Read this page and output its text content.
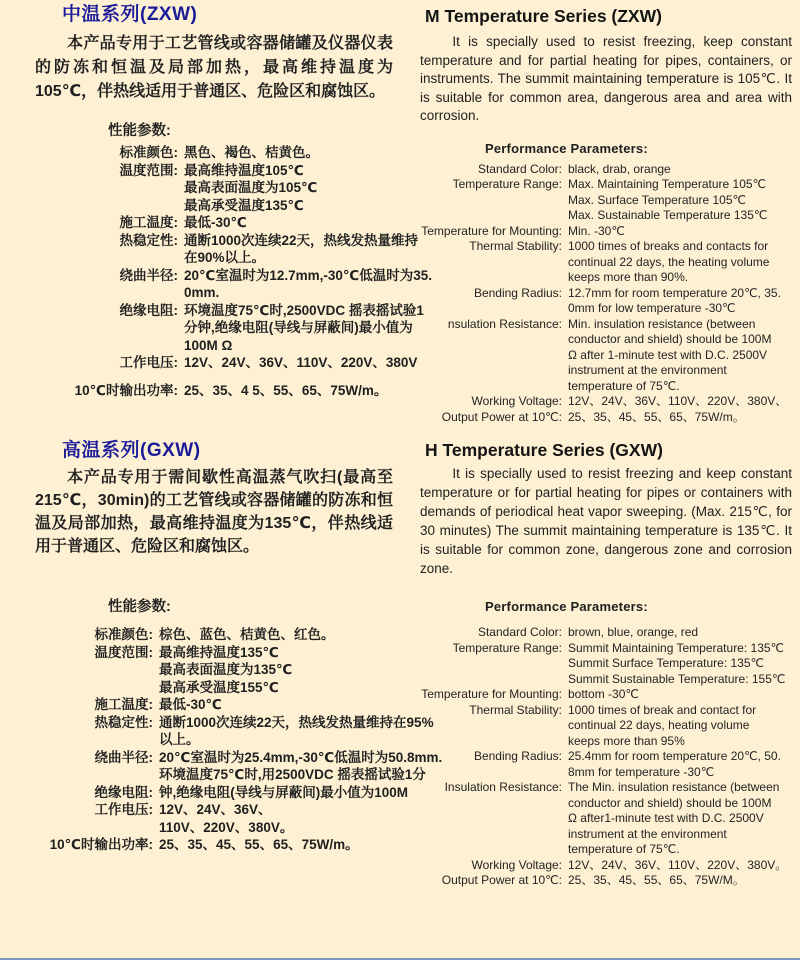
中温系列(ZXW)

本产品专用于工艺管线或容器储罐及仪器仪表的防冻和恒温及局部加热，最高维持温度为105℃，伴热线适用于普通区、危险区和腐蚀区。

性能参数:
标准颜色: 黑色、褐色、桔黄色。
温度范围: 最高维持温度105℃
最高表面温度为105℃
最高承受温度135℃
施工温度: 最低-30℃
热稳定性: 通断1000次连续22天，热线发热量维持
在90%以上。
绕曲半径: 20℃室温时为12.7mm,-30℃低温时为35.
0mm.
绝缘电阻: 环境温度75℃时,2500VDC 摇表摇试验1
分钟,绝缘电阻(导线与屏蔽间)最小值为
100M Ω
工作电压: 12V、24V、36V、110V、220V、380V
10℃时输出功率: 25、35、4 5、55、65、75W/m。
M Temperature Series (ZXW)

It is specially used to resist freezing, keep constant temperature and for partial heating for pipes, containers, or instruments. The summit maintaining temperature is 105℃. It is suitable for common area, dangerous area and area with corrosion.

Performance Parameters:
Standard Color: black, drab, orange
Temperature Range: Max. Maintaining Temperature 105℃
Max. Surface Temperature 105℃
Max. Sustainable Temperature 135℃
Temperature for Mounting: Min. -30℃
Thermal Stability: 1000 times of breaks and contacts for
continual 22 days, the heating volume
keeps more than 90%.
Bending Radius: 12.7mm for room temperature 20℃, 35.
0mm for low temperature -30℃
nsulation Resistance: Min. insulation resistance (between
conductor and shield) should be 100M
Ω after 1-minute test with D.C. 2500V
instrument at the environment
temperature of 75℃.
Working Voltage: 12V、24V、36V、110V、220V、380V、
Output Power at 10℃: 25、35、45、55、65、75W/m。
高温系列(GXW)

本产品专用于需间歇性高温蒸气吹扫(最高至215℃，30min)的工艺管线或容器储罐的防冻和恒温及局部加热，最高维持温度为135℃，伴热线适用于普通区、危险区和腐蚀区。

性能参数:
标准颜色: 棕色、蓝色、桔黄色、红色。
温度范围: 最高维持温度135℃
最高表面温度为135℃
最高承受温度155℃
施工温度: 最低-30℃
热稳定性: 通断1000次连续22天，热线发热量维持在95%
以上。
绕曲半径: 20℃室温时为25.4mm,-30℃低温时为50.8mm.
环境温度75℃时,用2500VDC 摇表摇试验1分
绝缘电阻: 钟,绝缘电阻(导线与屏蔽间)最小值为100M
工作电压: 12V、24V、36V、
110V、220V、380V。
10℃时输出功率: 25、35、45、55、65、75W/m。
H Temperature Series (GXW)

It is specially used to resist freezing and keep constant temperature or for partial heating for pipes or containers with demands of periodical heat vapor sweeping. (Max. 215℃, for 30 minutes) The summit maintaining temperature is 135℃. It is suitable for common zone, dangerous zone and corrosion zone.

Performance Parameters:
Standard Color: brown, blue, orange, red
Temperature Range: Summit Maintaining Temperature: 135℃
Summit Surface Temperature: 135℃
Summit Sustainable Temperature: 155℃
Temperature for Mounting: bottom -30℃
Thermal Stability: 1000 times of break and contact for
continual 22 days, heating volume
keeps more than 95%
Bending Radius: 25.4mm for room temperature 20℃, 50.
8mm for temperature -30℃
Insulation Resistance: The Min. insulation resistance (between
conductor and shield) should be 100M
Ω after1-minute test with D.C. 2500V
instrument at the environment
temperature of 75℃.
Working Voltage: 12V、24V、36V、110V、220V、380V。
Output Power at 10℃: 25、35、45、55、65、75W/M。
